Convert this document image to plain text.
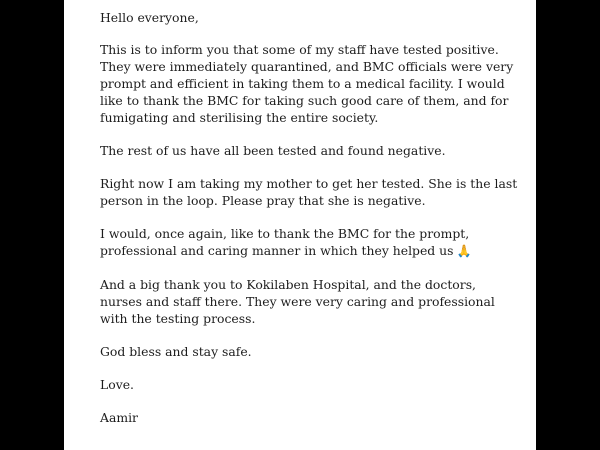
Hello everyone,

This is to inform you that some of my staff have tested positive. They were immediately quarantined, and BMC officials were very prompt and efficient in taking them to a medical facility. I would like to thank the BMC for taking such good care of them, and for fumigating and sterilising the entire society.

The rest of us have all been tested and found negative.

Right now I am taking my mother to get her tested. She is the last person in the loop. Please pray that she is negative.

I would, once again, like to thank the BMC for the prompt, professional and caring manner in which they helped us 🙏

And a big thank you to Kokilaben Hospital, and the doctors, nurses and staff there. They were very caring and professional with the testing process.

God bless and stay safe.

Love.

Aamir
